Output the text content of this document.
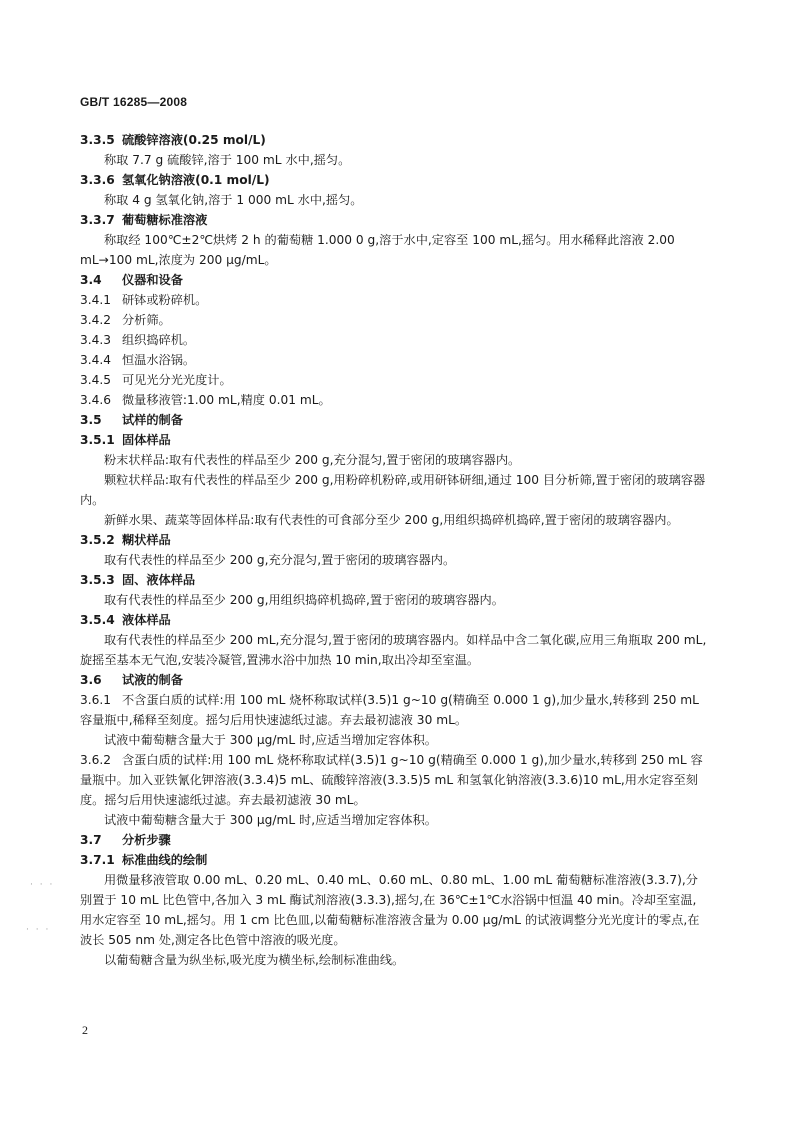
GB/T 16285—2008
3.3.5 硫酸锌溶液(0.25 mol/L)
称取 7.7 g 硫酸锌,溶于 100 mL 水中,摇匀。
3.3.6 氢氧化钠溶液(0.1 mol/L)
称取 4 g 氢氧化钠,溶于 1 000 mL 水中,摇匀。
3.3.7 葡萄糖标准溶液
称取经 100℃±2℃烘烤 2 h 的葡萄糖 1.000 0 g,溶于水中,定容至 100 mL,摇匀。用水稀释此溶液 2.00 mL→100 mL,浓度为 200 μg/mL。
3.4 仪器和设备
3.4.1 研钵或粉碎机。
3.4.2 分析筛。
3.4.3 组织捣碎机。
3.4.4 恒温水浴锅。
3.4.5 可见光分光光度计。
3.4.6 微量移液管:1.00 mL,精度 0.01 mL。
3.5 试样的制备
3.5.1 固体样品
粉末状样品:取有代表性的样品至少 200 g,充分混匀,置于密闭的玻璃容器内。
颗粒状样品:取有代表性的样品至少 200 g,用粉碎机粉碎,或用研钵研细,通过 100 目分析筛,置于密闭的玻璃容器内。
新鲜水果、蔬菜等固体样品:取有代表性的可食部分至少 200 g,用组织捣碎机捣碎,置于密闭的玻璃容器内。
3.5.2 糊状样品
取有代表性的样品至少 200 g,充分混匀,置于密闭的玻璃容器内。
3.5.3 固、液体样品
取有代表性的样品至少 200 g,用组织捣碎机捣碎,置于密闭的玻璃容器内。
3.5.4 液体样品
取有代表性的样品至少 200 mL,充分混匀,置于密闭的玻璃容器内。如样品中含二氧化碳,应用三角瓶取 200 mL,旋摇至基本无气泡,安装冷凝管,置沸水浴中加热 10 min,取出冷却至室温。
3.6 试液的制备
3.6.1 不含蛋白质的试样:用 100 mL 烧杯称取试样(3.5)1 g~10 g(精确至 0.000 1 g),加少量水,转移到 250 mL 容量瓶中,稀释至刻度。摇匀后用快速滤纸过滤。弃去最初滤液 30 mL。
试液中葡萄糖含量大于 300 μg/mL 时,应适当增加定容体积。
3.6.2 含蛋白质的试样:用 100 mL 烧杯称取试样(3.5)1 g~10 g(精确至 0.000 1 g),加少量水,转移到 250 mL 容量瓶中。加入亚铁氰化钾溶液(3.3.4)5 mL、硫酸锌溶液(3.3.5)5 mL 和氢氧化钠溶液(3.3.6)10 mL,用水定容至刻度。摇匀后用快速滤纸过滤。弃去最初滤液 30 mL。
试液中葡萄糖含量大于 300 μg/mL 时,应适当增加定容体积。
3.7 分析步骤
3.7.1 标准曲线的绘制
用微量移液管取 0.00 mL、0.20 mL、0.40 mL、0.60 mL、0.80 mL、1.00 mL 葡萄糖标准溶液(3.3.7),分别置于 10 mL 比色管中,各加入 3 mL 酶试剂溶液(3.3.3),摇匀,在 36℃±1℃水浴锅中恒温 40 min。冷却至室温,用水定容至 10 mL,摇匀。用 1 cm 比色皿,以葡萄糖标准溶液含量为 0.00 μg/mL 的试液调整分光光度计的零点,在波长 505 nm 处,测定各比色管中溶液的吸光度。
以葡萄糖含量为纵坐标,吸光度为横坐标,绘制标准曲线。
· · ·
· · ·
2
